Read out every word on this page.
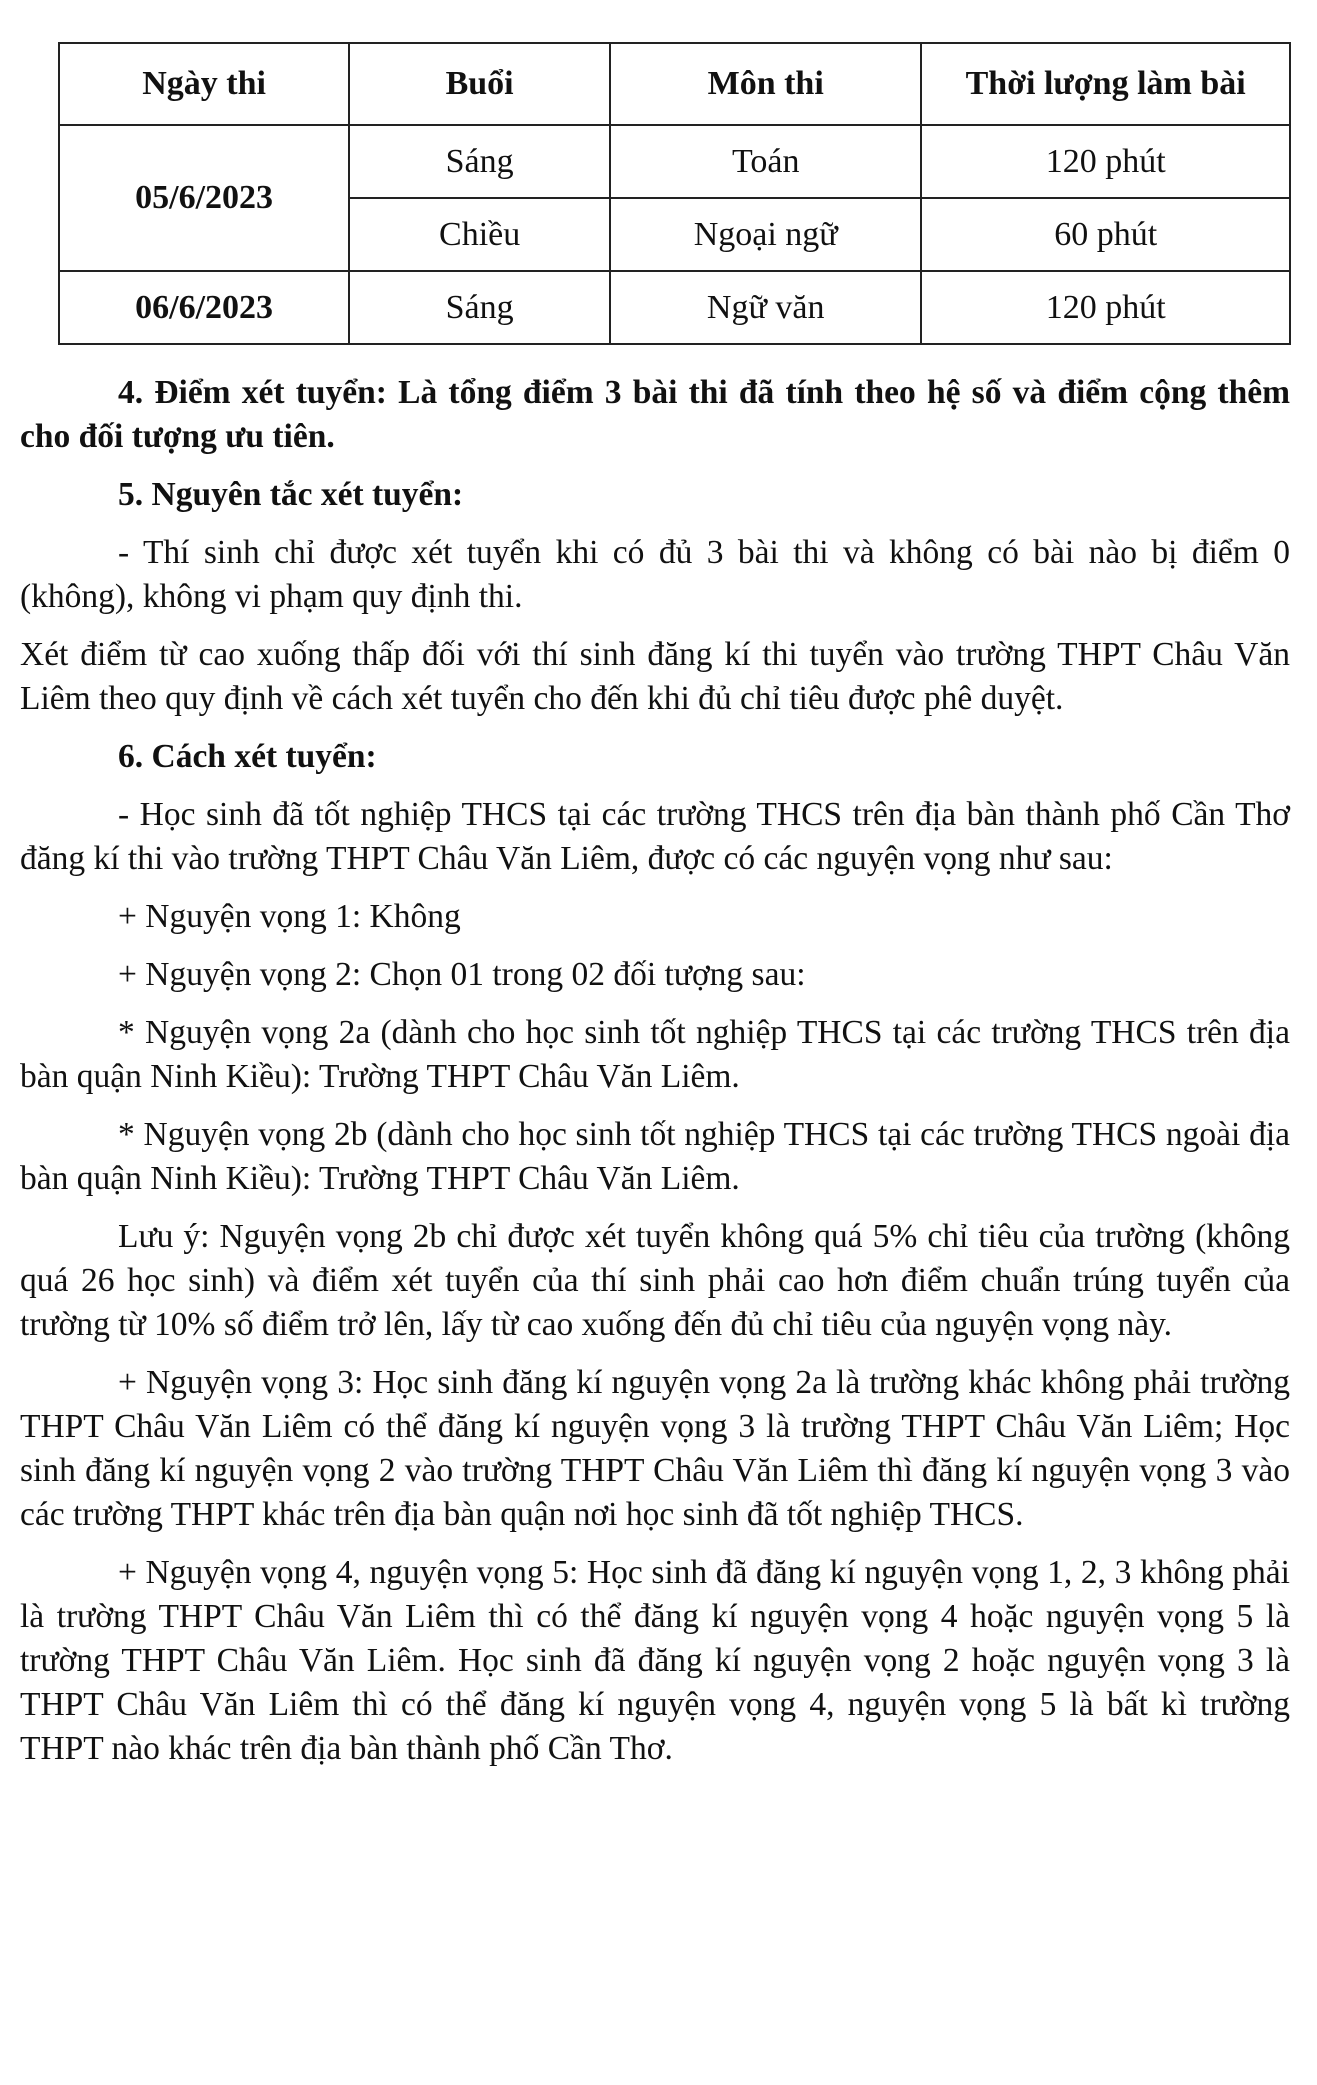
Ngày thi	Buổi	Môn thi	Thời lượng làm bài
05/6/2023	Sáng	Toán	120 phút
	Chiều	Ngoại ngữ	60 phút
06/6/2023	Sáng	Ngữ văn	120 phút

4. Điểm xét tuyển: Là tổng điểm 3 bài thi đã tính theo hệ số và điểm cộng thêm cho đối tượng ưu tiên.

5. Nguyên tắc xét tuyển:

- Thí sinh chỉ được xét tuyển khi có đủ 3 bài thi và không có bài nào bị điểm 0 (không), không vi phạm quy định thi.

Xét điểm từ cao xuống thấp đối với thí sinh đăng kí thi tuyển vào trường THPT Châu Văn Liêm theo quy định về cách xét tuyển cho đến khi đủ chỉ tiêu được phê duyệt.

6. Cách xét tuyển:

- Học sinh đã tốt nghiệp THCS tại các trường THCS trên địa bàn thành phố Cần Thơ đăng kí thi vào trường THPT Châu Văn Liêm, được có các nguyện vọng như sau:

+ Nguyện vọng 1: Không

+ Nguyện vọng 2: Chọn 01 trong 02 đối tượng sau:

* Nguyện vọng 2a (dành cho học sinh tốt nghiệp THCS tại các trường THCS trên địa bàn quận Ninh Kiều): Trường THPT Châu Văn Liêm.

* Nguyện vọng 2b (dành cho học sinh tốt nghiệp THCS tại các trường THCS ngoài địa bàn quận Ninh Kiều): Trường THPT Châu Văn Liêm.

Lưu ý: Nguyện vọng 2b chỉ được xét tuyển không quá 5% chỉ tiêu của trường (không quá 26 học sinh) và điểm xét tuyển của thí sinh phải cao hơn điểm chuẩn trúng tuyển của trường từ 10% số điểm trở lên, lấy từ cao xuống đến đủ chỉ tiêu của nguyện vọng này.

+ Nguyện vọng 3: Học sinh đăng kí nguyện vọng 2a là trường khác không phải trường THPT Châu Văn Liêm có thể đăng kí nguyện vọng 3 là trường THPT Châu Văn Liêm; Học sinh đăng kí nguyện vọng 2 vào trường THPT Châu Văn Liêm thì đăng kí nguyện vọng 3 vào các trường THPT khác trên địa bàn quận nơi học sinh đã tốt nghiệp THCS.

+ Nguyện vọng 4, nguyện vọng 5: Học sinh đã đăng kí nguyện vọng 1, 2, 3 không phải là trường THPT Châu Văn Liêm thì có thể đăng kí nguyện vọng 4 hoặc nguyện vọng 5 là trường THPT Châu Văn Liêm. Học sinh đã đăng kí nguyện vọng 2 hoặc nguyện vọng 3 là THPT Châu Văn Liêm thì có thể đăng kí nguyện vọng 4, nguyện vọng 5 là bất kì trường THPT nào khác trên địa bàn thành phố Cần Thơ.
